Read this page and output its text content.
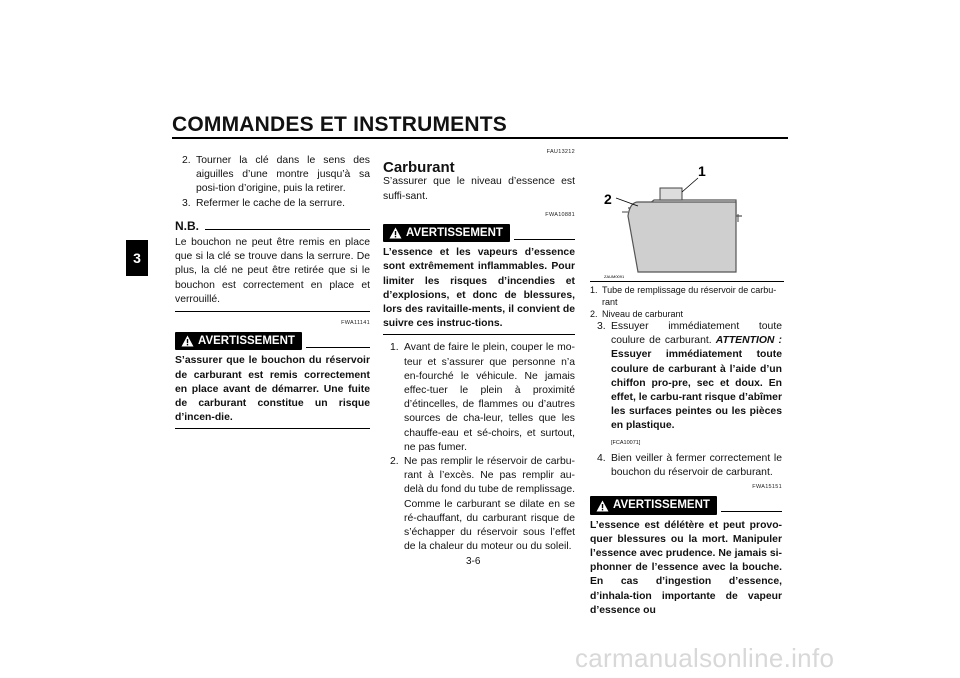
COMMANDES ET INSTRUMENTS
3
2. Tourner la clé dans le sens des aiguilles d’une montre jusqu’à sa posi-tion d’origine, puis la retirer.
3. Refermer le cache de la serrure.
N.B.
Le bouchon ne peut être remis en place que si la clé se trouve dans la serrure. De plus, la clé ne peut être retirée que si le bouchon est correctement en place et verrouillé.
FWA11141
AVERTISSEMENT
S’assurer que le bouchon du réservoir de carburant est remis correctement en place avant de démarrer. Une fuite de carburant constitue un risque d’incen-die.
FAU13212
Carburant
S’assurer que le niveau d’essence est suffi-sant.
FWA10881
AVERTISSEMENT
L’essence et les vapeurs d’essence sont extrêmement inflammables. Pour limiter les risques d’incendies et d’explosions, et donc de blessures, lors des ravitaille-ments, il convient de suivre ces instruc-tions.
1. Avant de faire le plein, couper le mo-teur et s’assurer que personne n’a en-fourché le véhicule. Ne jamais effec-tuer le plein à proximité d’étincelles, de flammes ou d’autres sources de cha-leur, telles que les chauffe-eau et sé-choirs, et surtout, ne pas fumer.
2. Ne pas remplir le réservoir de carbu-rant à l’excès. Ne pas remplir au-delà du fond du tube de remplissage. Comme le carburant se dilate en se ré-chauffant, du carburant risque de s’échapper du réservoir sous l’effet de la chaleur du moteur ou du soleil.
1
2
ZAUM0091
1. Tube de remplissage du réservoir de carbu-rant
2. Niveau de carburant
3. Essuyer immédiatement toute coulure de carburant. ATTENTION : Essuyer immédiatement toute coulure de carburant à l’aide d’un chiffon pro-pre, sec et doux. En effet, le carbu-rant risque d’abîmer les surfaces peintes ou les pièces en plastique.
[FCA10071]
4. Bien veiller à fermer correctement le bouchon du réservoir de carburant.
FWA15151
AVERTISSEMENT
L’essence est délétère et peut provo-quer blessures ou la mort. Manipuler l’essence avec prudence. Ne jamais si-phonner de l’essence avec la bouche. En cas d’ingestion d’essence, d’inhala-tion importante de vapeur d’essence ou
3-6
carmanualsonline.info
